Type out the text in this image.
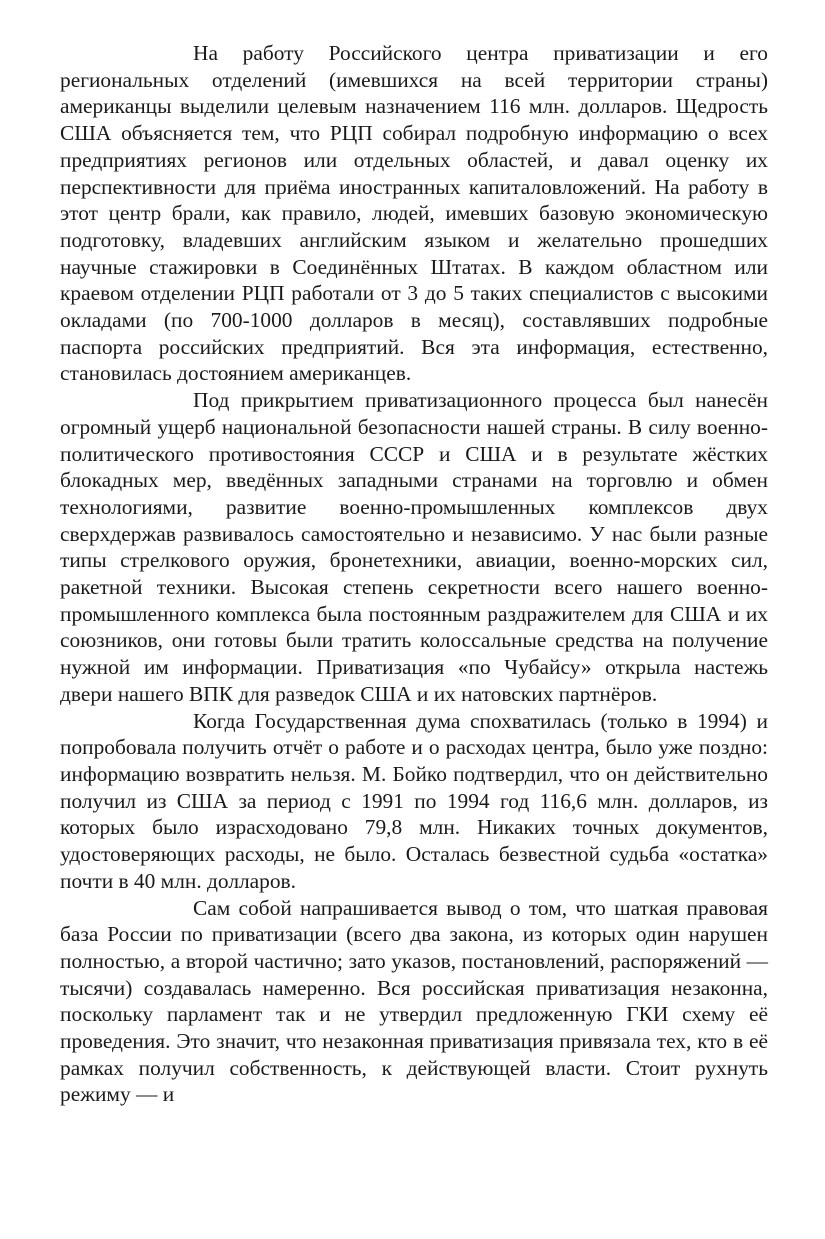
На работу Российского центра приватизации и его региональных отделений (имевшихся на всей территории страны) американцы выделили целевым назначением 116 млн. долларов. Щедрость США объясняется тем, что РЦП собирал подробную информацию о всех предприятиях регионов или отдельных областей, и давал оценку их перспективности для приёма иностранных капиталовложений. На работу в этот центр брали, как правило, людей, имевших базовую экономическую подготовку, владевших английским языком и желательно прошедших научные стажировки в Соединённых Штатах. В каждом областном или краевом отделении РЦП работали от 3 до 5 таких специалистов с высокими окладами (по 700-1000 долларов в месяц), составлявших подробные паспорта российских предприятий. Вся эта информация, естественно, становилась достоянием американцев.

Под прикрытием приватизационного процесса был нанесён огромный ущерб национальной безопасности нашей страны. В силу военно-политического противостояния СССР и США и в результате жёстких блокадных мер, введённых западными странами на торговлю и обмен технологиями, развитие военно-промышленных комплексов двух сверхдержав развивалось самостоятельно и независимо. У нас были разные типы стрелкового оружия, бронетехники, авиации, военно-морских сил, ракетной техники. Высокая степень секретности всего нашего военно-промышленного комплекса была постоянным раздражителем для США и их союзников, они готовы были тратить колоссальные средства на получение нужной им информации. Приватизация «по Чубайсу» открыла настежь двери нашего ВПК для разведок США и их натовских партнёров.

Когда Государственная дума спохватилась (только в 1994) и попробовала получить отчёт о работе и о расходах центра, было уже поздно: информацию возвратить нельзя. М. Бойко подтвердил, что он действительно получил из США за период с 1991 по 1994 год 116,6 млн. долларов, из которых было израсходовано 79,8 млн. Никаких точных документов, удостоверяющих расходы, не было. Осталась безвестной судьба «остатка» почти в 40 млн. долларов.

Сам собой напрашивается вывод о том, что шаткая правовая база России по приватизации (всего два закона, из которых один нарушен полностью, а второй частично; зато указов, постановлений, распоряжений — тысячи) создавалась намеренно. Вся российская приватизация незаконна, поскольку парламент так и не утвердил предложенную ГКИ схему её проведения. Это значит, что незаконная приватизация привязала тех, кто в её рамках получил собственность, к действующей власти. Стоит рухнуть режиму — и
